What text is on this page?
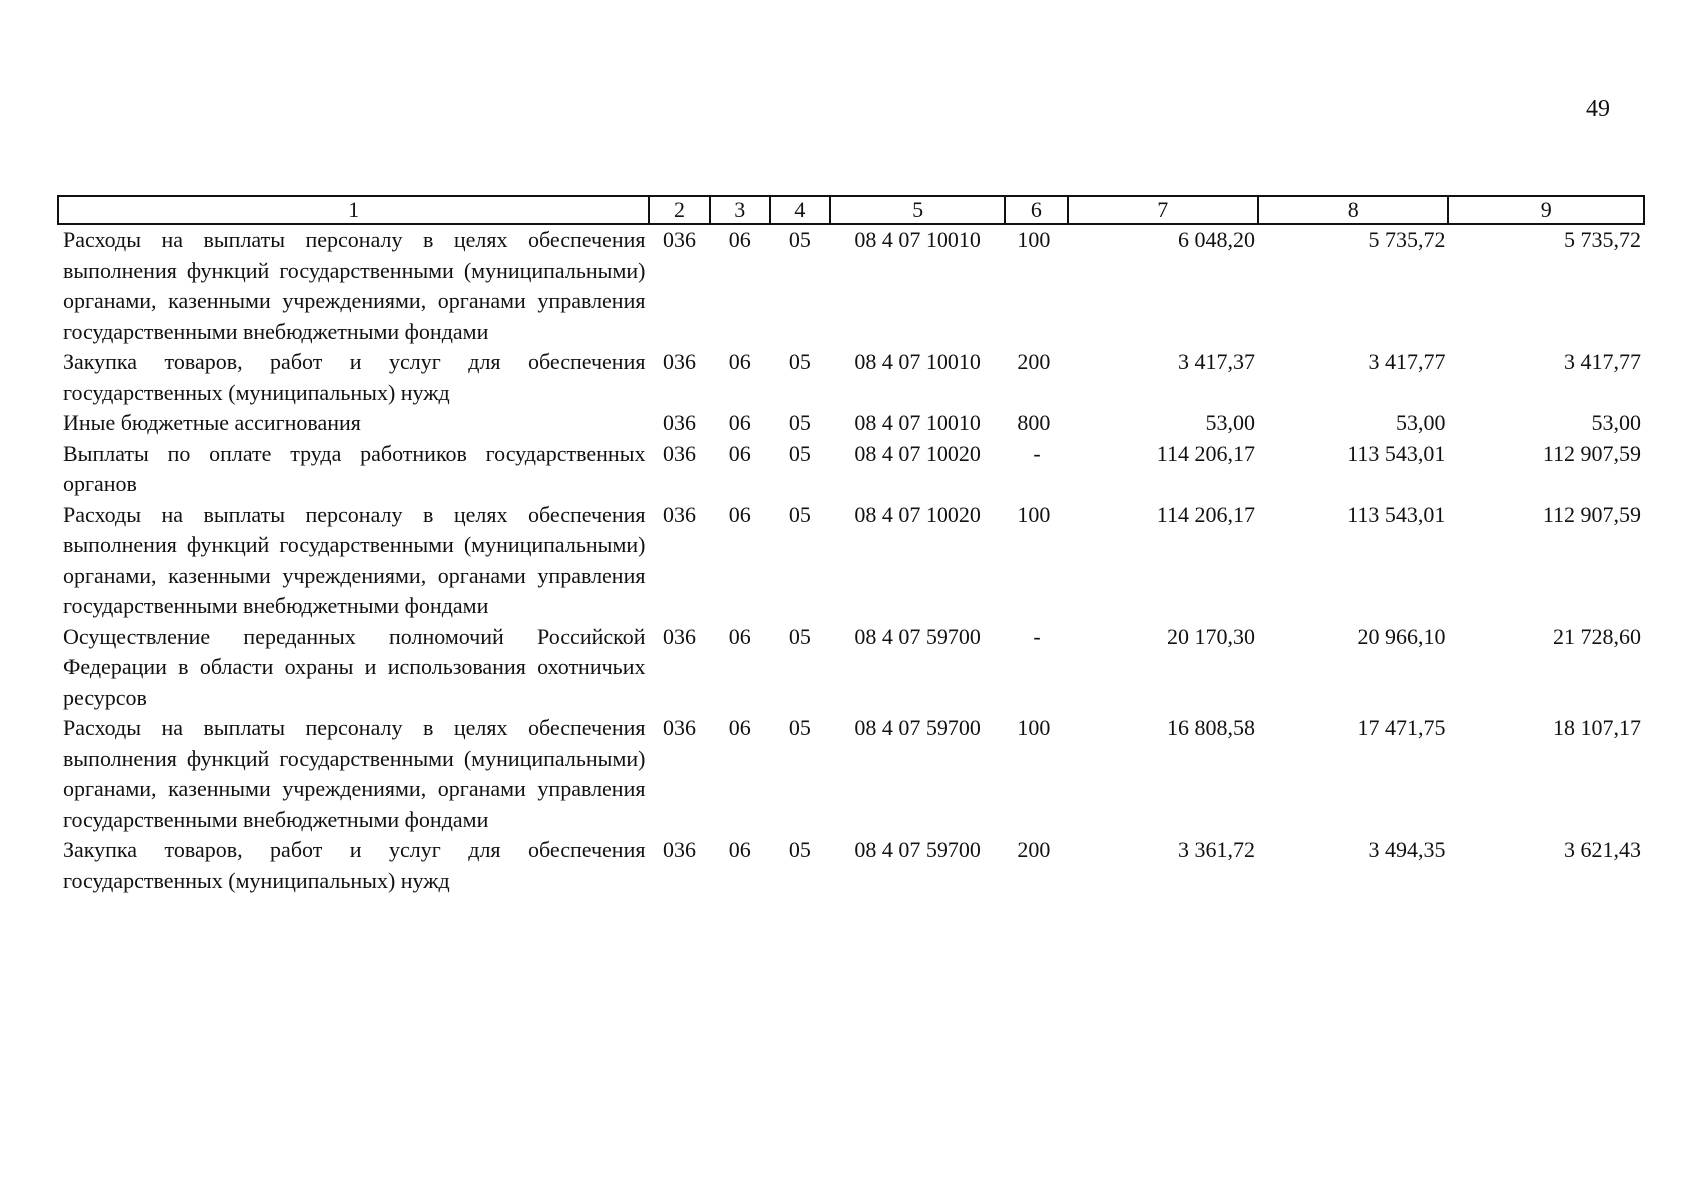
49
1	2	3	4	5	6	7	8	9
Расходы на выплаты персоналу в целях обеспечения выполнения функций государственными (муниципальными) органами, казенными учреждениями, органами управления государственными внебюджетными фондами	036	06	05	08 4 07 10010	100	6 048,20	5 735,72	5 735,72
Закупка товаров, работ и услуг для обеспечения государственных (муниципальных) нужд	036	06	05	08 4 07 10010	200	3 417,37	3 417,77	3 417,77
Иные бюджетные ассигнования	036	06	05	08 4 07 10010	800	53,00	53,00	53,00
Выплаты по оплате труда работников государственных органов	036	06	05	08 4 07 10020	-	114 206,17	113 543,01	112 907,59
Расходы на выплаты персоналу в целях обеспечения выполнения функций государственными (муниципальными) органами, казенными учреждениями, органами управления государственными внебюджетными фондами	036	06	05	08 4 07 10020	100	114 206,17	113 543,01	112 907,59
Осуществление переданных полномочий Российской Федерации в области охраны и использования охотничьих ресурсов	036	06	05	08 4 07 59700	-	20 170,30	20 966,10	21 728,60
Расходы на выплаты персоналу в целях обеспечения выполнения функций государственными (муниципальными) органами, казенными учреждениями, органами управления государственными внебюджетными фондами	036	06	05	08 4 07 59700	100	16 808,58	17 471,75	18 107,17
Закупка товаров, работ и услуг для обеспечения государственных (муниципальных) нужд	036	06	05	08 4 07 59700	200	3 361,72	3 494,35	3 621,43
